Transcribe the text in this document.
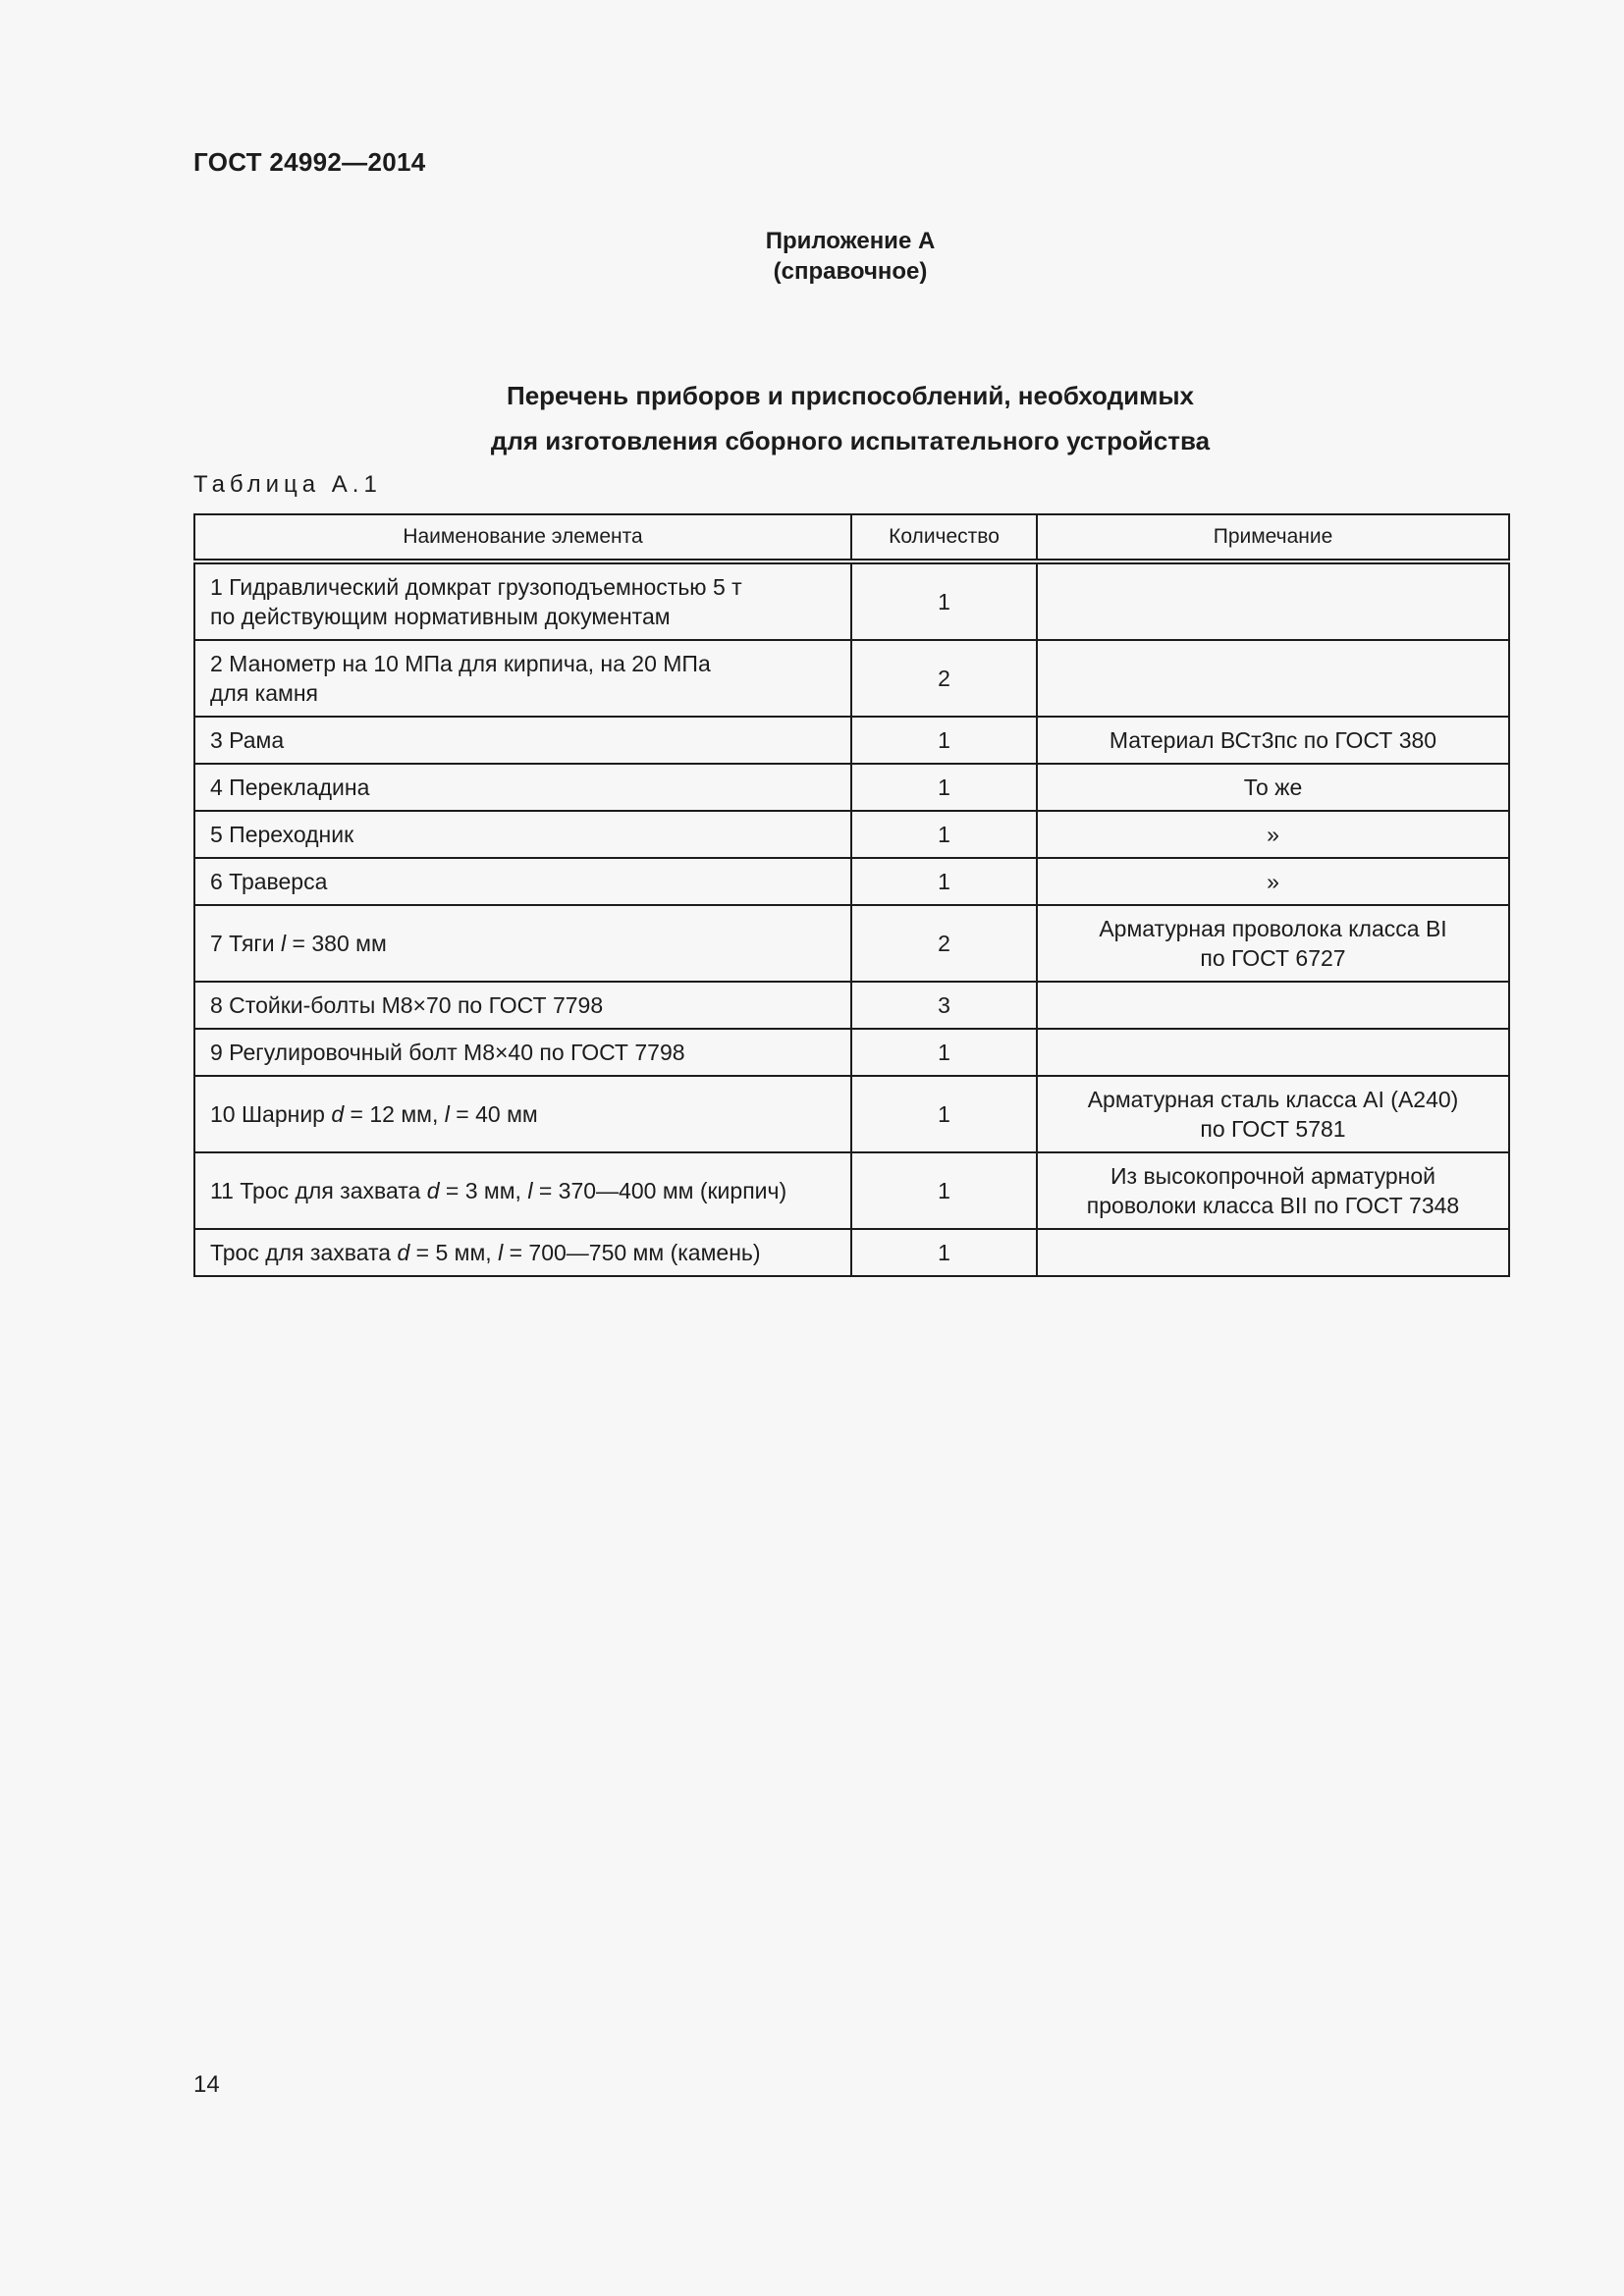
ГОСТ 24992—2014
Приложение А
(справочное)
Перечень приборов и приспособлений, необходимых
для изготовления сборного испытательного устройства
Таблица А.1
Наименование элемента	Количество	Примечание

1 Гидравлический домкрат грузоподъемностью 5 т
по действующим нормативным документам	1	

2 Манометр на 10 МПа для кирпича, на 20 МПа
для камня	2	

3 Рама	1	Материал ВСт3пс по ГОСТ 380

4 Перекладина	1	То же

5 Переходник	1	»

6 Траверса	1	»

7 Тяги l = 380 мм	2	Арматурная проволока класса BI
по ГОСТ 6727

8 Стойки-болты М8×70 по ГОСТ 7798	3	

9 Регулировочный болт М8×40 по ГОСТ 7798	1	

10 Шарнир d = 12 мм, l = 40 мм	1	Арматурная сталь класса AI (А240)
по ГОСТ 5781

11 Трос для захвата d = 3 мм, l = 370—400 мм (кирпич)	1	Из высокопрочной арматурной
проволоки класса BII по ГОСТ 7348

Трос для захвата d = 5 мм, l = 700—750 мм (камень)	1	
14
